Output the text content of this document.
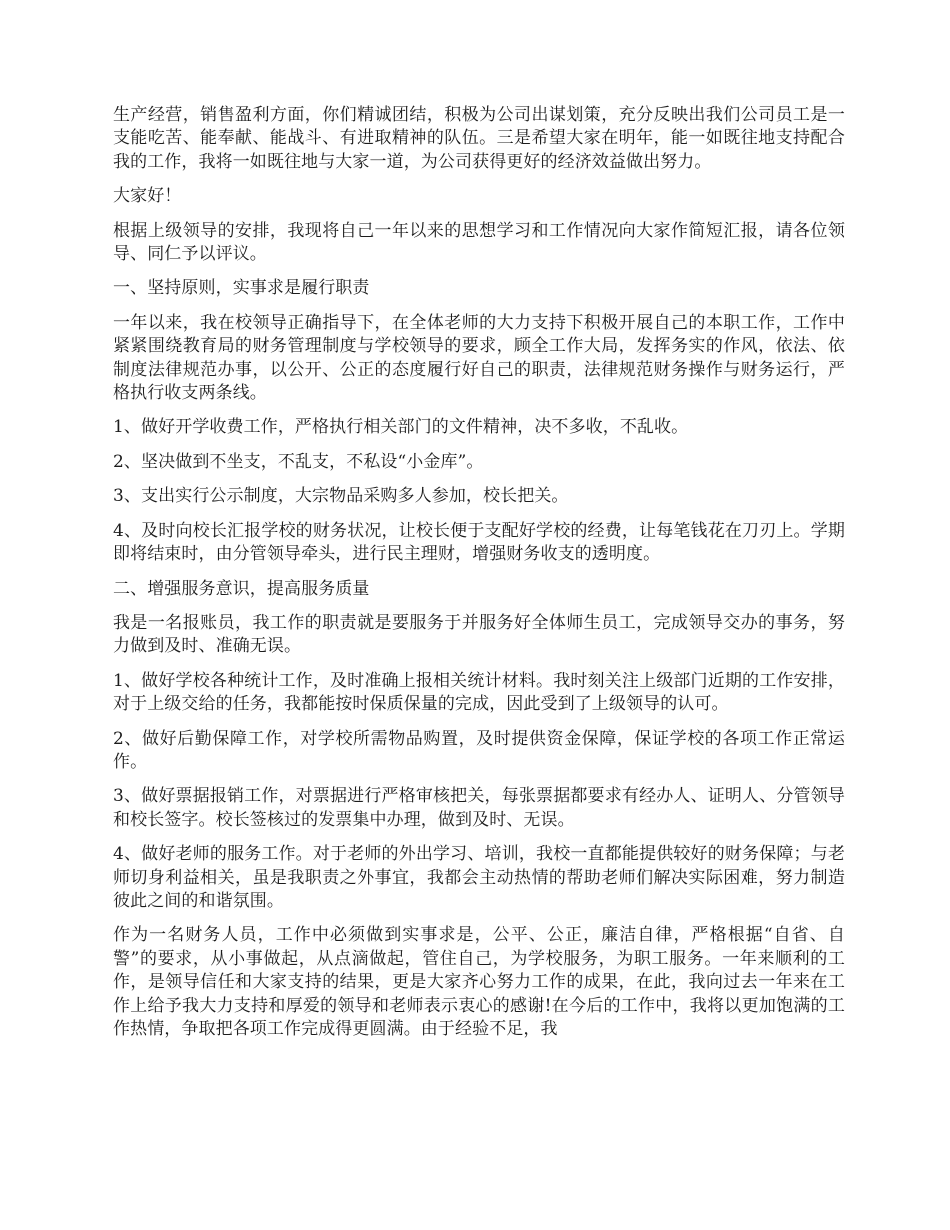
生产经营，销售盈利方面，你们精诚团结，积极为公司出谋划策，充分反映出我们公司员工是一支能吃苦、能奉献、能战斗、有进取精神的队伍。三是希望大家在明年，能一如既往地支持配合我的工作，我将一如既往地与大家一道，为公司获得更好的经济效益做出努力。

大家好！

根据上级领导的安排，我现将自己一年以来的思想学习和工作情况向大家作简短汇报，请各位领导、同仁予以评议。

一、坚持原则，实事求是履行职责

一年以来，我在校领导正确指导下，在全体老师的大力支持下积极开展自己的本职工作，工作中紧紧围绕教育局的财务管理制度与学校领导的要求，顾全工作大局，发挥务实的作风，依法、依制度法律规范办事，以公开、公正的态度履行好自己的职责，法律规范财务操作与财务运行，严格执行收支两条线。

1、做好开学收费工作，严格执行相关部门的文件精神，决不多收，不乱收。

2、坚决做到不坐支，不乱支，不私设“小金库”。

3、支出实行公示制度，大宗物品采购多人参加，校长把关。

4、及时向校长汇报学校的财务状况，让校长便于支配好学校的经费，让每笔钱花在刀刃上。学期即将结束时，由分管领导牵头，进行民主理财，增强财务收支的透明度。

二、增强服务意识，提高服务质量

我是一名报账员，我工作的职责就是要服务于并服务好全体师生员工，完成领导交办的事务，努力做到及时、准确无误。

1、做好学校各种统计工作，及时准确上报相关统计材料。我时刻关注上级部门近期的工作安排，对于上级交给的任务，我都能按时保质保量的完成，因此受到了上级领导的认可。

2、做好后勤保障工作，对学校所需物品购置，及时提供资金保障，保证学校的各项工作正常运作。

3、做好票据报销工作，对票据进行严格审核把关，每张票据都要求有经办人、证明人、分管领导和校长签字。校长签核过的发票集中办理，做到及时、无误。

4、做好老师的服务工作。对于老师的外出学习、培训，我校一直都能提供较好的财务保障；与老师切身利益相关，虽是我职责之外事宜，我都会主动热情的帮助老师们解决实际困难，努力制造彼此之间的和谐氛围。

作为一名财务人员，工作中必须做到实事求是，公平、公正，廉洁自律，严格根据“自省、自警”的要求，从小事做起，从点滴做起，管住自己，为学校服务，为职工服务。一年来顺利的工作，是领导信任和大家支持的结果，更是大家齐心努力工作的成果，在此，我向过去一年来在工作上给予我大力支持和厚爱的领导和老师表示衷心的感谢!在今后的工作中，我将以更加饱满的工作热情，争取把各项工作完成得更圆满。由于经验不足，我
